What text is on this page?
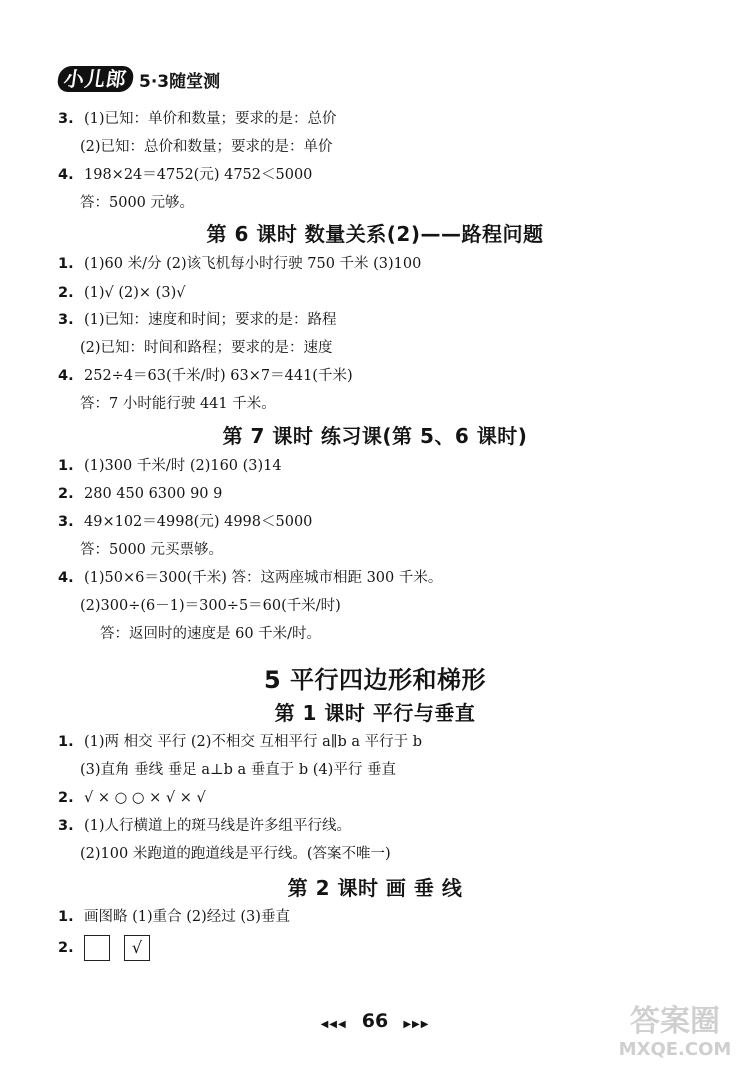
小儿郎 5·3随堂测
3. (1)已知：单价和数量；要求的是：总价
(2)已知：总价和数量；要求的是：单价
4. 198×24＝4752(元) 4752＜5000
答：5000 元够。
第 6 课时 数量关系(2)——路程问题
1. (1)60 米/分 (2)该飞机每小时行驶 750 千米 (3)100
2. (1)√ (2)× (3)√
3. (1)已知：速度和时间；要求的是：路程
(2)已知：时间和路程；要求的是：速度
4. 252÷4＝63(千米/时) 63×7＝441(千米)
答：7 小时能行驶 441 千米。
第 7 课时 练习课(第 5、6 课时)
1. (1)300 千米/时 (2)160 (3)14
2. 280 450 6300 90 9
3. 49×102＝4998(元) 4998＜5000
答：5000 元买票够。
4. (1)50×6＝300(千米) 答：这两座城市相距 300 千米。
(2)300÷(6－1)＝300÷5＝60(千米/时)
答：返回时的速度是 60 千米/时。
5 平行四边形和梯形
第 1 课时 平行与垂直
1. (1)两 相交 平行 (2)不相交 互相平行 a∥b a 平行于 b
(3)直角 垂线 垂足 a⊥b a 垂直于 b (4)平行 垂直
2. √ × ○ ○ × √ × √
3. (1)人行横道上的斑马线是许多组平行线。
(2)100 米跑道的跑道线是平行线。(答案不唯一)
第 2 课时 画 垂 线
1. 画图略 (1)重合 (2)经过 (3)垂直
2.	√
◀◀◀ 66 ▶▶▶	答案圈
MXQE.COM
